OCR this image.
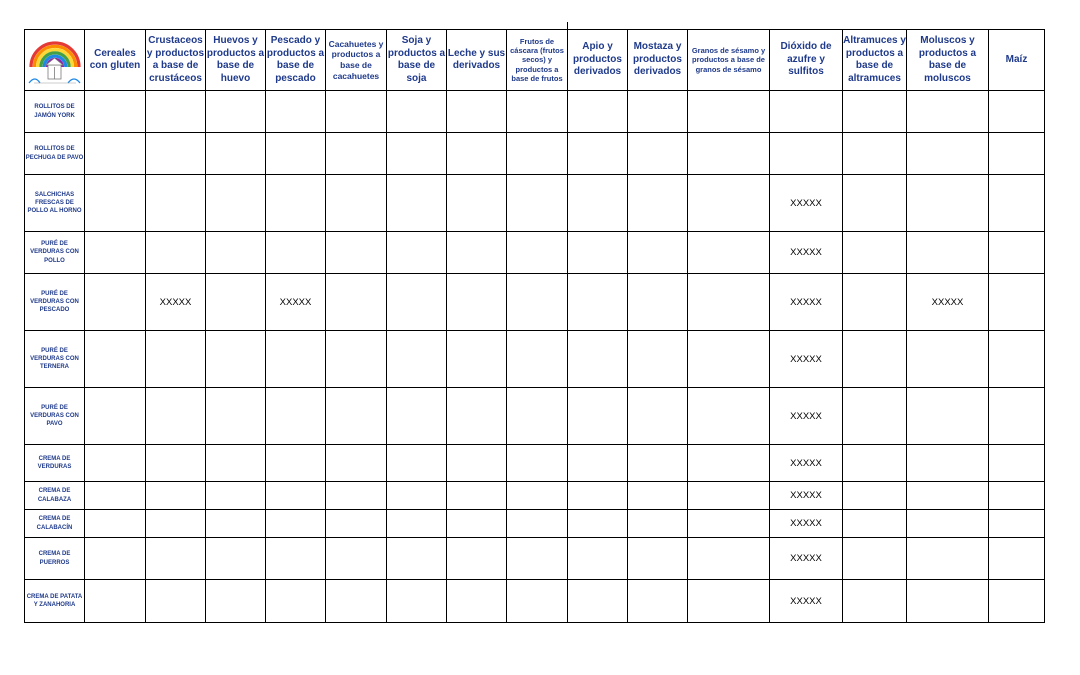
	Cereales con gluten	Crustaceos y productos a base de crustáceos	Huevos y productos a base de huevo	Pescado y productos a base de pescado	Cacahuetes y productos a base de cacahuetes	Soja y productos a base de soja	Leche y sus derivados	Frutos de cáscara (frutos secos) y productos a base de frutos	Apio y productos derivados	Mostaza y productos derivados	Granos de sésamo y productos a base de granos de sésamo	Dióxido de azufre y sulfitos	Altramuces y productos a base de altramuces	Moluscos y productos a base de moluscos	Maíz
ROLLITOS DE JAMÓN YORK															
ROLLITOS DE PECHUGA DE PAVO															
SALCHICHAS FRESCAS DE POLLO AL HORNO												XXXXX			
PURÉ DE VERDURAS CON POLLO												XXXXX			
PURÉ DE VERDURAS CON PESCADO		XXXXX		XXXXX								XXXXX		XXXXX	
PURÉ DE VERDURAS CON TERNERA												XXXXX			
PURÉ DE VERDURAS CON PAVO												XXXXX			
CREMA DE VERDURAS												XXXXX			
CREMA DE CALABAZA												XXXXX			
CREMA DE CALABACÍN												XXXXX			
CREMA DE PUERROS												XXXXX			
CREMA DE PATATA Y ZANAHORIA												XXXXX			
